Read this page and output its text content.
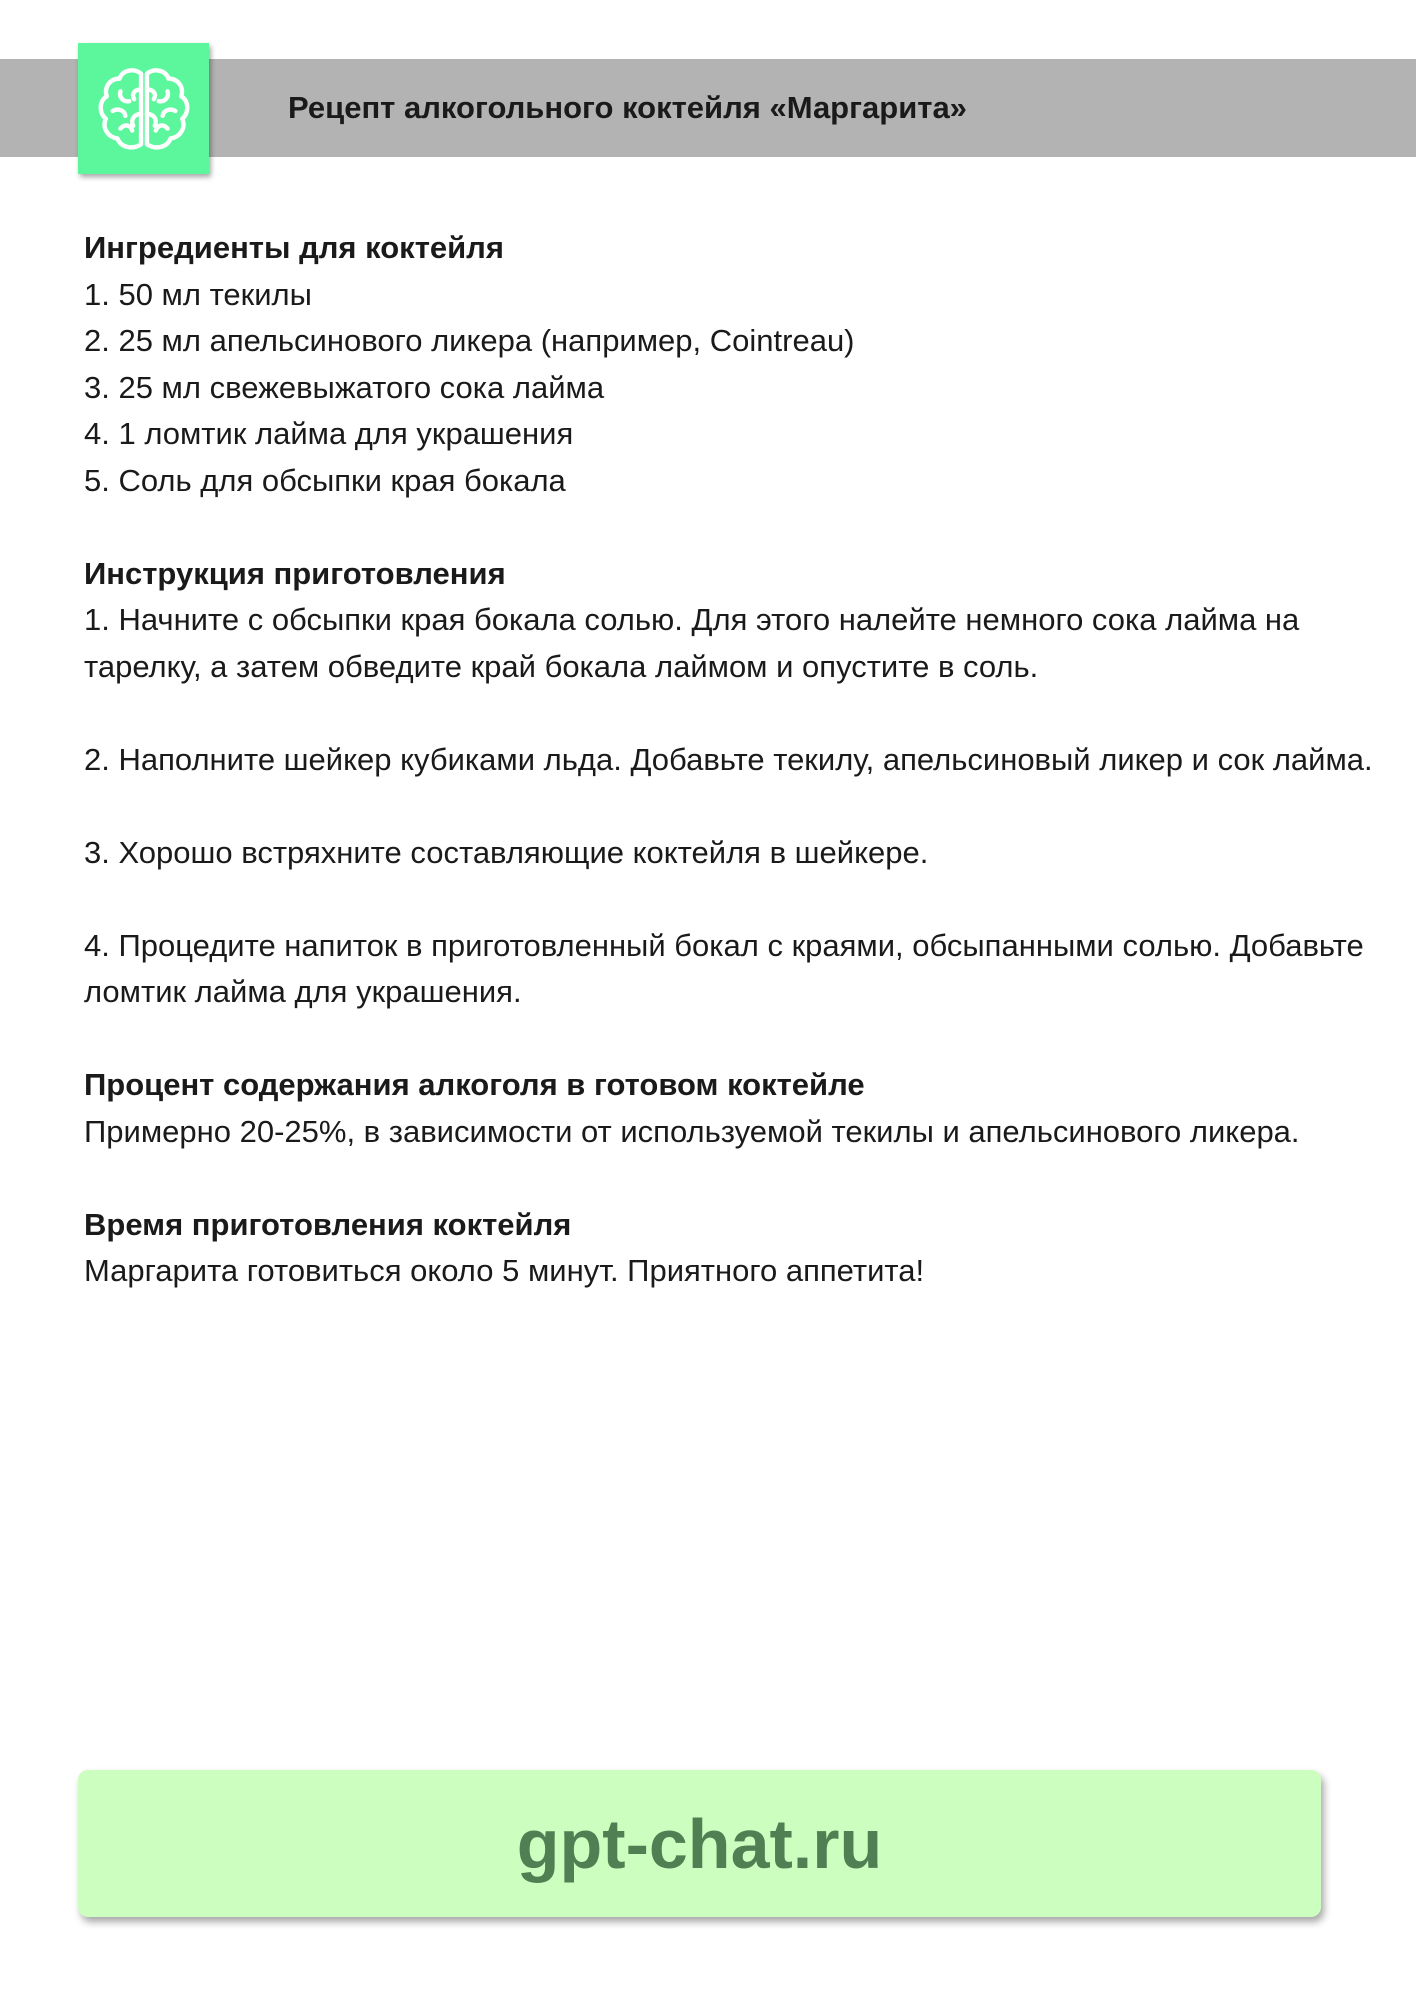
Рецепт алкогольного коктейля «Маргарита»

Ингредиенты для коктейля

1. 50 мл текилы

2. 25 мл апельсинового ликера (например, Cointreau)

3. 25 мл свежевыжатого сока лайма

4. 1 ломтик лайма для украшения

5. Соль для обсыпки края бокала

Инструкция приготовления

1. Начните с обсыпки края бокала солью. Для этого налейте немного сока лайма на тарелку, а затем обведите край бокала лаймом и опустите в соль.

2. Наполните шейкер кубиками льда. Добавьте текилу, апельсиновый ликер и сок лайма.

3. Хорошо встряхните составляющие коктейля в шейкере.

4. Процедите напиток в приготовленный бокал с краями, обсыпанными солью. Добавьте ломтик лайма для украшения.

Процент содержания алкоголя в готовом коктейле

Примерно 20-25%, в зависимости от используемой текилы и апельсинового ликера.

Время приготовления коктейля

Маргарита готовиться около 5 минут. Приятного аппетита!

gpt-chat.ru
